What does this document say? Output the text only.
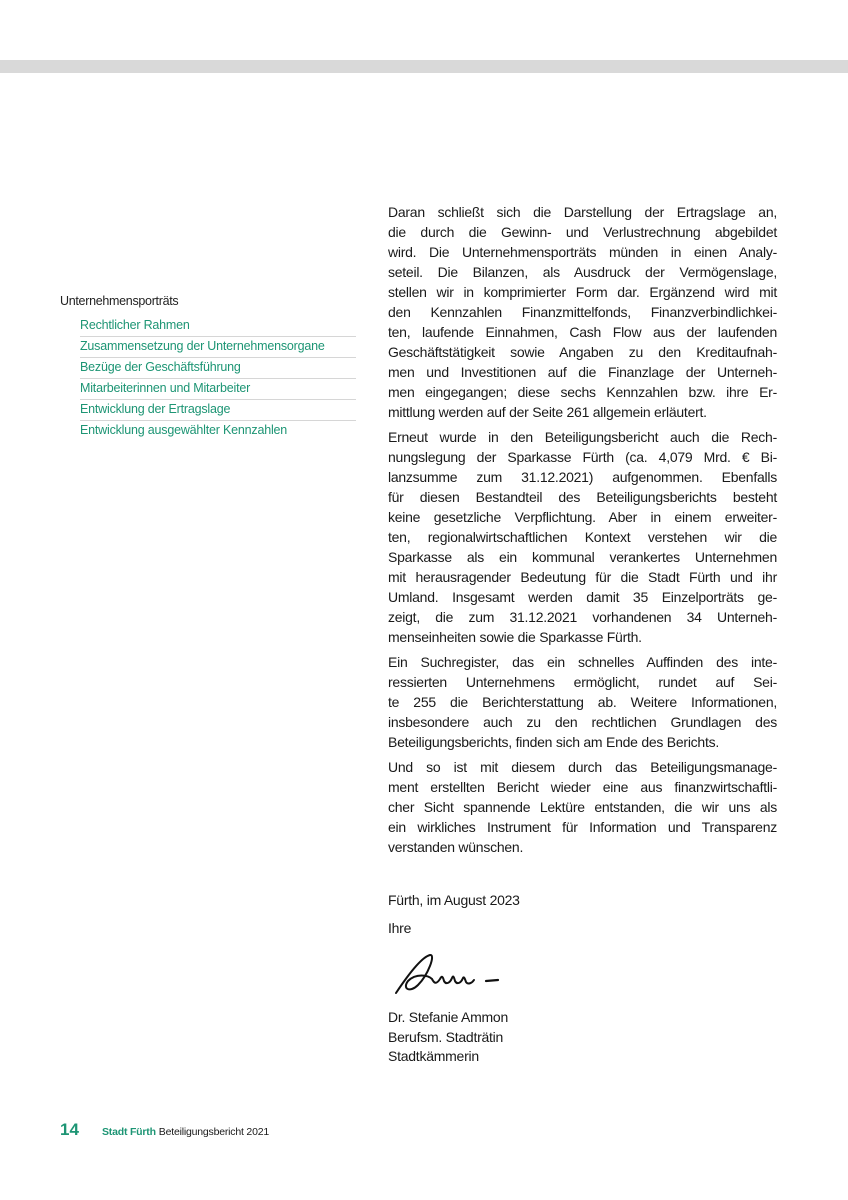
Unternehmensporträts
Rechtlicher Rahmen
Zusammensetzung der Unternehmensorgane
Bezüge der Geschäftsführung
Mitarbeiterinnen und Mitarbeiter
Entwicklung der Ertragslage
Entwicklung ausgewählter Kennzahlen
Daran schließt sich die Darstellung der Ertragslage an,
die durch die Gewinn- und Verlustrechnung abgebildet
wird. Die Unternehmensporträts münden in einen Analy-
seteil. Die Bilanzen, als Ausdruck der Vermögenslage,
stellen wir in komprimierter Form dar. Ergänzend wird mit
den Kennzahlen Finanzmittelfonds, Finanzverbindlichkei-
ten, laufende Einnahmen, Cash Flow aus der laufenden
Geschäftstätigkeit sowie Angaben zu den Kreditaufnah-
men und Investitionen auf die Finanzlage der Unterneh-
men eingegangen; diese sechs Kennzahlen bzw. ihre Er-
mittlung werden auf der Seite 261 allgemein erläutert.
Erneut wurde in den Beteiligungsbericht auch die Rech-
nungslegung der Sparkasse Fürth (ca. 4,079 Mrd. € Bi-
lanzsumme zum 31.12.2021) aufgenommen. Ebenfalls
für diesen Bestandteil des Beteiligungsberichts besteht
keine gesetzliche Verpflichtung. Aber in einem erweiter-
ten, regionalwirtschaftlichen Kontext verstehen wir die
Sparkasse als ein kommunal verankertes Unternehmen
mit herausragender Bedeutung für die Stadt Fürth und ihr
Umland. Insgesamt werden damit 35 Einzelporträts ge-
zeigt, die zum 31.12.2021 vorhandenen 34 Unterneh-
menseinheiten sowie die Sparkasse Fürth.
Ein Suchregister, das ein schnelles Auffinden des inte-
ressierten Unternehmens ermöglicht, rundet auf Sei-
te 255 die Berichterstattung ab. Weitere Informationen,
insbesondere auch zu den rechtlichen Grundlagen des
Beteiligungsberichts, finden sich am Ende des Berichts.
Und so ist mit diesem durch das Beteiligungsmanage-
ment erstellten Bericht wieder eine aus finanzwirtschaftli-
cher Sicht spannende Lektüre entstanden, die wir uns als
ein wirkliches Instrument für Information und Transparenz
verstanden wünschen.
Fürth, im August 2023
Ihre
Dr. Stefanie Ammon
Berufsm. Stadträtin
Stadtkämmerin
14	Stadt Fürth Beteiligungsbericht 2021
